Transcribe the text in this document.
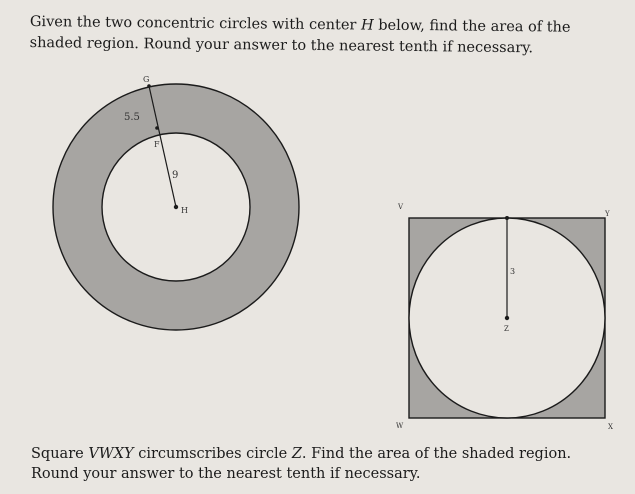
Given the two concentric circles with center H below, find the area of the shaded region. Round your answer to the nearest tenth if necessary.
G
F
H
5.5
9
V
Y
W	X
Z
3
Square VWXY circumscribes circle Z. Find the area of the shaded region. Round your answer to the nearest tenth if necessary.
